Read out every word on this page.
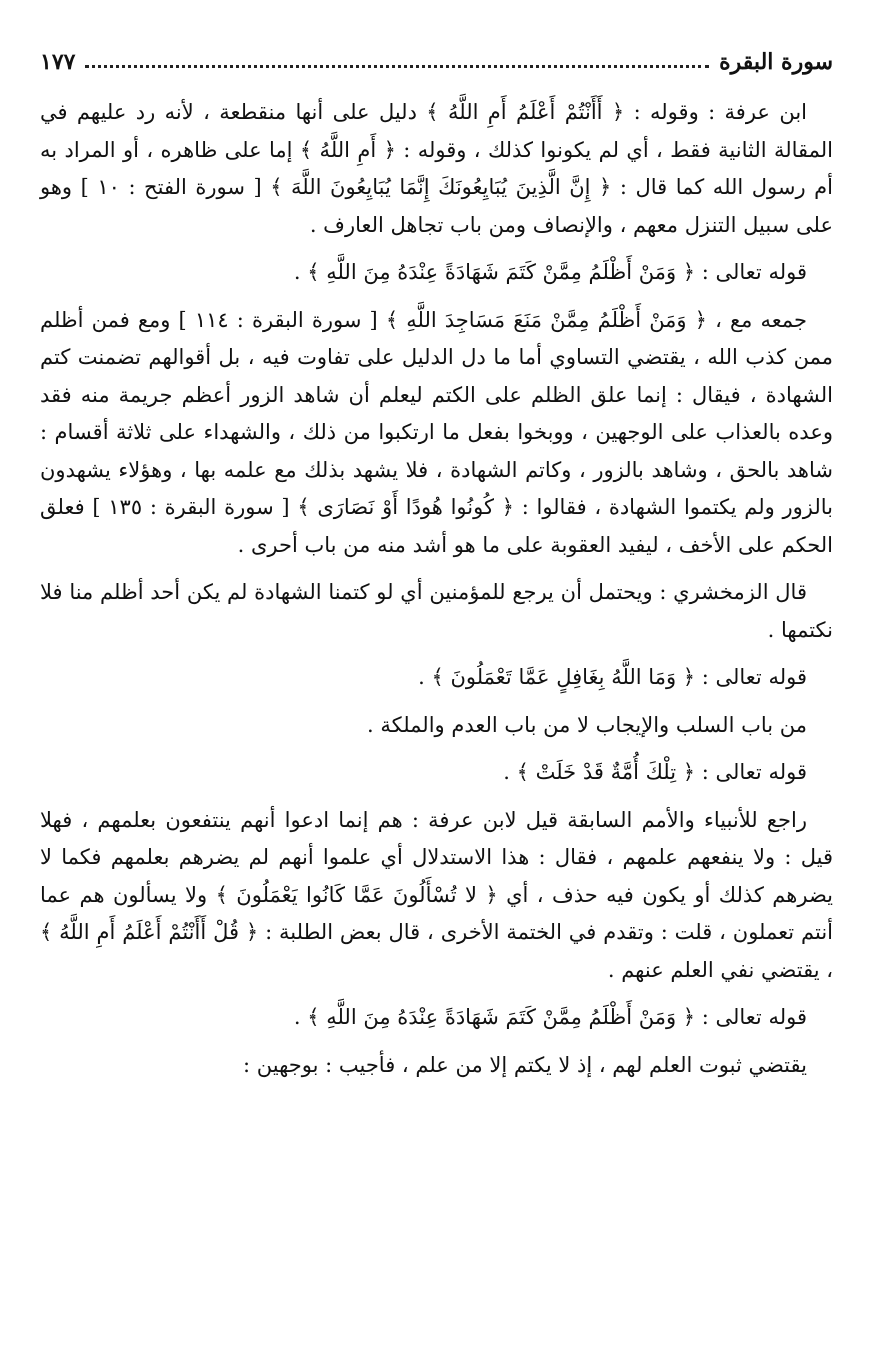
سورة البقرة
١٧٧

ابن عرفة : وقوله : ﴿ أَأَنْتُمْ أَعْلَمُ أَمِ اللَّهُ ﴾ دليل على أنها منقطعة ، لأنه رد عليهم في المقالة الثانية فقط ، أي لم يكونوا كذلك ، وقوله : ﴿ أَمِ اللَّهُ ﴾ إما على ظاهره ، أو المراد به أم رسول الله كما قال : ﴿ إِنَّ الَّذِينَ يُبَايِعُونَكَ إِنَّمَا يُبَايِعُونَ اللَّهَ ﴾ [ سورة الفتح : ١٠ ] وهو على سبيل التنزل معهم ، والإنصاف ومن باب تجاهل العارف .

قوله تعالى : ﴿ وَمَنْ أَظْلَمُ مِمَّنْ كَتَمَ شَهَادَةً عِنْدَهُ مِنَ اللَّهِ ﴾ .

جمعه مع ، ﴿ وَمَنْ أَظْلَمُ مِمَّنْ مَنَعَ مَسَاجِدَ اللَّهِ ﴾ [ سورة البقرة : ١١٤ ] ومع فمن أظلم ممن كذب الله ، يقتضي التساوي أما ما دل الدليل على تفاوت فيه ، بل أقوالهم تضمنت كتم الشهادة ، فيقال : إنما علق الظلم على الكتم ليعلم أن شاهد الزور أعظم جريمة منه فقد وعده بالعذاب على الوجهين ، ووبخوا بفعل ما ارتكبوا من ذلك ، والشهداء على ثلاثة أقسام : شاهد بالحق ، وشاهد بالزور ، وكاتم الشهادة ، فلا يشهد بذلك مع علمه بها ، وهؤلاء يشهدون بالزور ولم يكتموا الشهادة ، فقالوا : ﴿ كُونُوا هُودًا أَوْ نَصَارَى ﴾ [ سورة البقرة : ١٣٥ ] فعلق الحكم على الأخف ، ليفيد العقوبة على ما هو أشد منه من باب أحرى .

قال الزمخشري : ويحتمل أن يرجع للمؤمنين أي لو كتمنا الشهادة لم يكن أحد أظلم منا فلا نكتمها .

قوله تعالى : ﴿ وَمَا اللَّهُ بِغَافِلٍ عَمَّا تَعْمَلُونَ ﴾ .

من باب السلب والإيجاب لا من باب العدم والملكة .

قوله تعالى : ﴿ تِلْكَ أُمَّةٌ قَدْ خَلَتْ ﴾ .

راجع للأنبياء والأمم السابقة قيل لابن عرفة : هم إنما ادعوا أنهم ينتفعون بعلمهم ، فهلا قيل : ولا ينفعهم علمهم ، فقال : هذا الاستدلال أي علموا أنهم لم يضرهم بعلمهم فكما لا يضرهم كذلك أو يكون فيه حذف ، أي ﴿ لا تُسْأَلُونَ عَمَّا كَانُوا يَعْمَلُونَ ﴾ ولا يسألون هم عما أنتم تعملون ، قلت : وتقدم في الختمة الأخرى ، قال بعض الطلبة : ﴿ قُلْ أَأَنْتُمْ أَعْلَمُ أَمِ اللَّهُ ﴾ ، يقتضي نفي العلم عنهم .

قوله تعالى : ﴿ وَمَنْ أَظْلَمُ مِمَّنْ كَتَمَ شَهَادَةً عِنْدَهُ مِنَ اللَّهِ ﴾ .

يقتضي ثبوت العلم لهم ، إذ لا يكتم إلا من علم ، فأجيب : بوجهين :
